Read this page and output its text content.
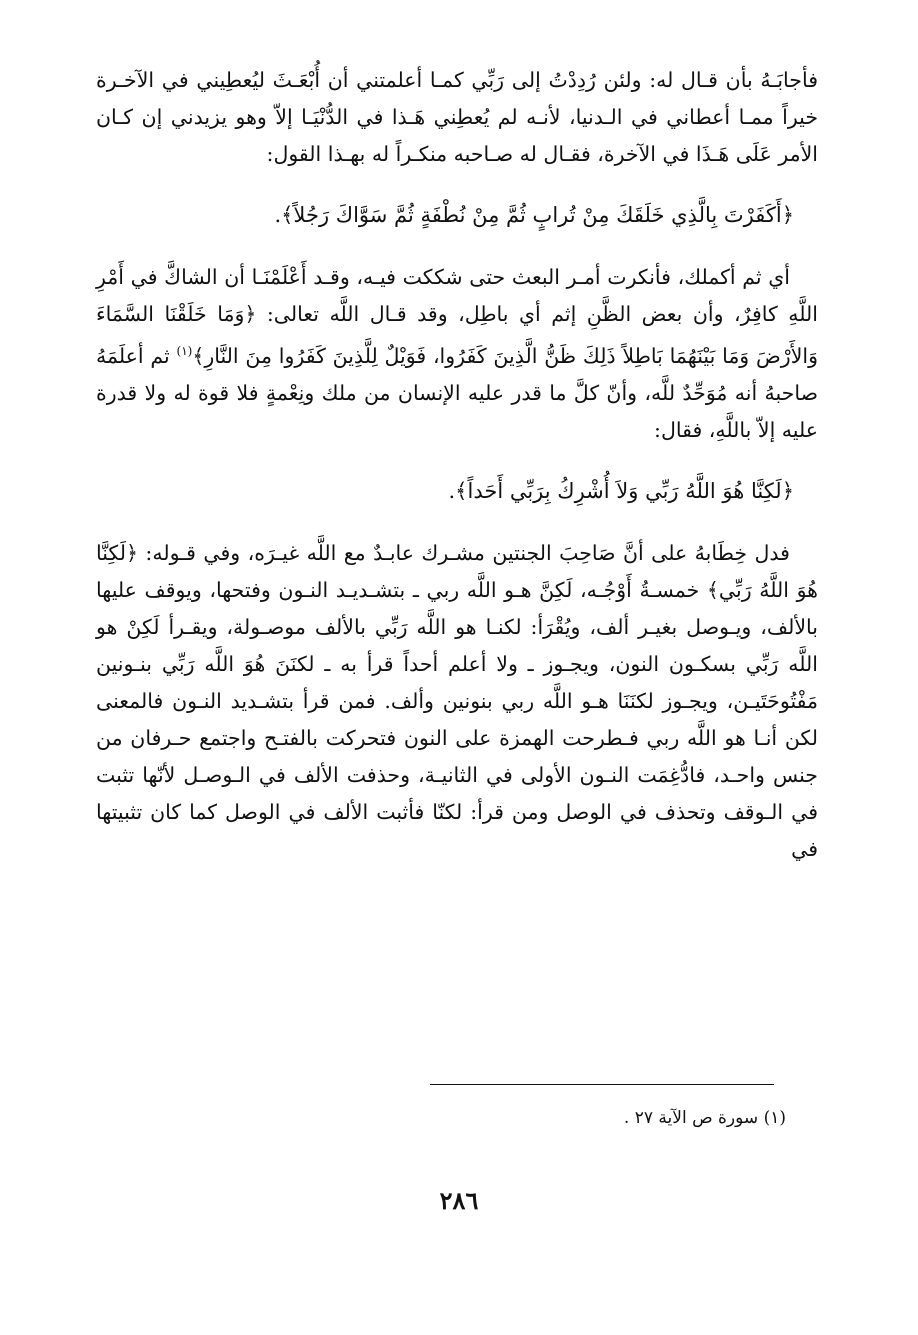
فأجابَـهُ بأن قـال له: ولئن رُدِدْتُ إلى رَبِّي كمـا أعلمتني أن أُبْعَـثَ ليُعطِيني في الآخـرة خيراً ممـا أعطاني في الـدنيا، لأنـه لم يُعطِني هَـذا في الدُّنْيَـا إلاّ وهو يزيدني إن كـان الأمر عَلَى هَـذَا في الآخرة، فقـال له صـاحبه منكـراً له بهـذا القول:

﴿أَكَفَرْتَ بِالَّذِي خَلَقَكَ مِنْ تُرابٍ ثُمَّ مِنْ نُطْفَةٍ ثُمَّ سَوَّاكَ رَجُلاً﴾.

أي ثم أكملك، فأنكرت أمـر البعث حتى شككت فيـه، وقـد أَعْلَمْنَـا أن الشاكَّ في أَمْرِ اللَّهِ كافِرٌ، وأن بعض الظَّنِ إثم أي باطِل، وقد قـال اللَّه تعالى: ﴿وَمَا خَلَقْنَا السَّمَاءَ وَالأَرْضَ وَمَا بَيْنَهُمَا بَاطِلاً ذَلِكَ ظَنُّ الَّذِينَ كَفَرُوا، فَوَيْلٌ لِلَّذِينَ كَفَرُوا مِنَ النَّارِ﴾$^{(١)}$ ثم أعلَمَهُ صاحبهُ أنه مُوَحِّدٌ للَّه، وأنّ كلَّ ما قدر عليه الإنسان من ملك ونِعْمةٍ فلا قوة له ولا قدرة عليه إلاّ باللَّهِ، فقال:

﴿لَكِنَّا هُوَ اللَّهُ رَبِّي وَلاَ أُشْرِكُ بِرَبِّي أَحَداً﴾.

فدل خِطَابهُ على أنَّ صَاحِبَ الجنتين مشـرك عابـدٌ مع اللَّه غيـرَه، وفي قـوله: ﴿لَكِنَّا هُوَ اللَّهُ رَبِّي﴾ خمسـةُ أَوْجُـه، لَكِنَّ هـو اللَّه ربي ـ بتشـديـد النـون وفتحها، ويوقف عليها بالألف، ويـوصل بغيـر ألف، ويُقْرَأ: لكنـا هو اللَّه رَبِّي بالألف موصـولة، ويقـرأ لَكِنْ هو اللَّه رَبِّي بسكـون النون، ويجـوز ـ ولا أعلم أحداً قرأ به ـ لكنَنَ هُوَ اللَّه رَبِّي بنـونين مَفْتُوحَتَيـن، ويجـوز لكنَنَا هـو اللَّه ربي بنونين وألف. فمن قرأ بتشـديد النـون فالمعنى لكن أنـا هو اللَّه ربي فـطرحت الهمزة على النون فتحركت بالفتـح واجتمع حـرفان من جنس واحـد، فادُّغِمَت النـون الأولى في الثانيـة، وحذفت الألف في الـوصـل لأنّها تثبت في الـوقف وتحذف في الوصل ومن قرأ: لكنّا فأثبت الألف في الوصل كما كان تثبيتها في

(١) سورة ص الآية ٢٧ .
٢٨٦
